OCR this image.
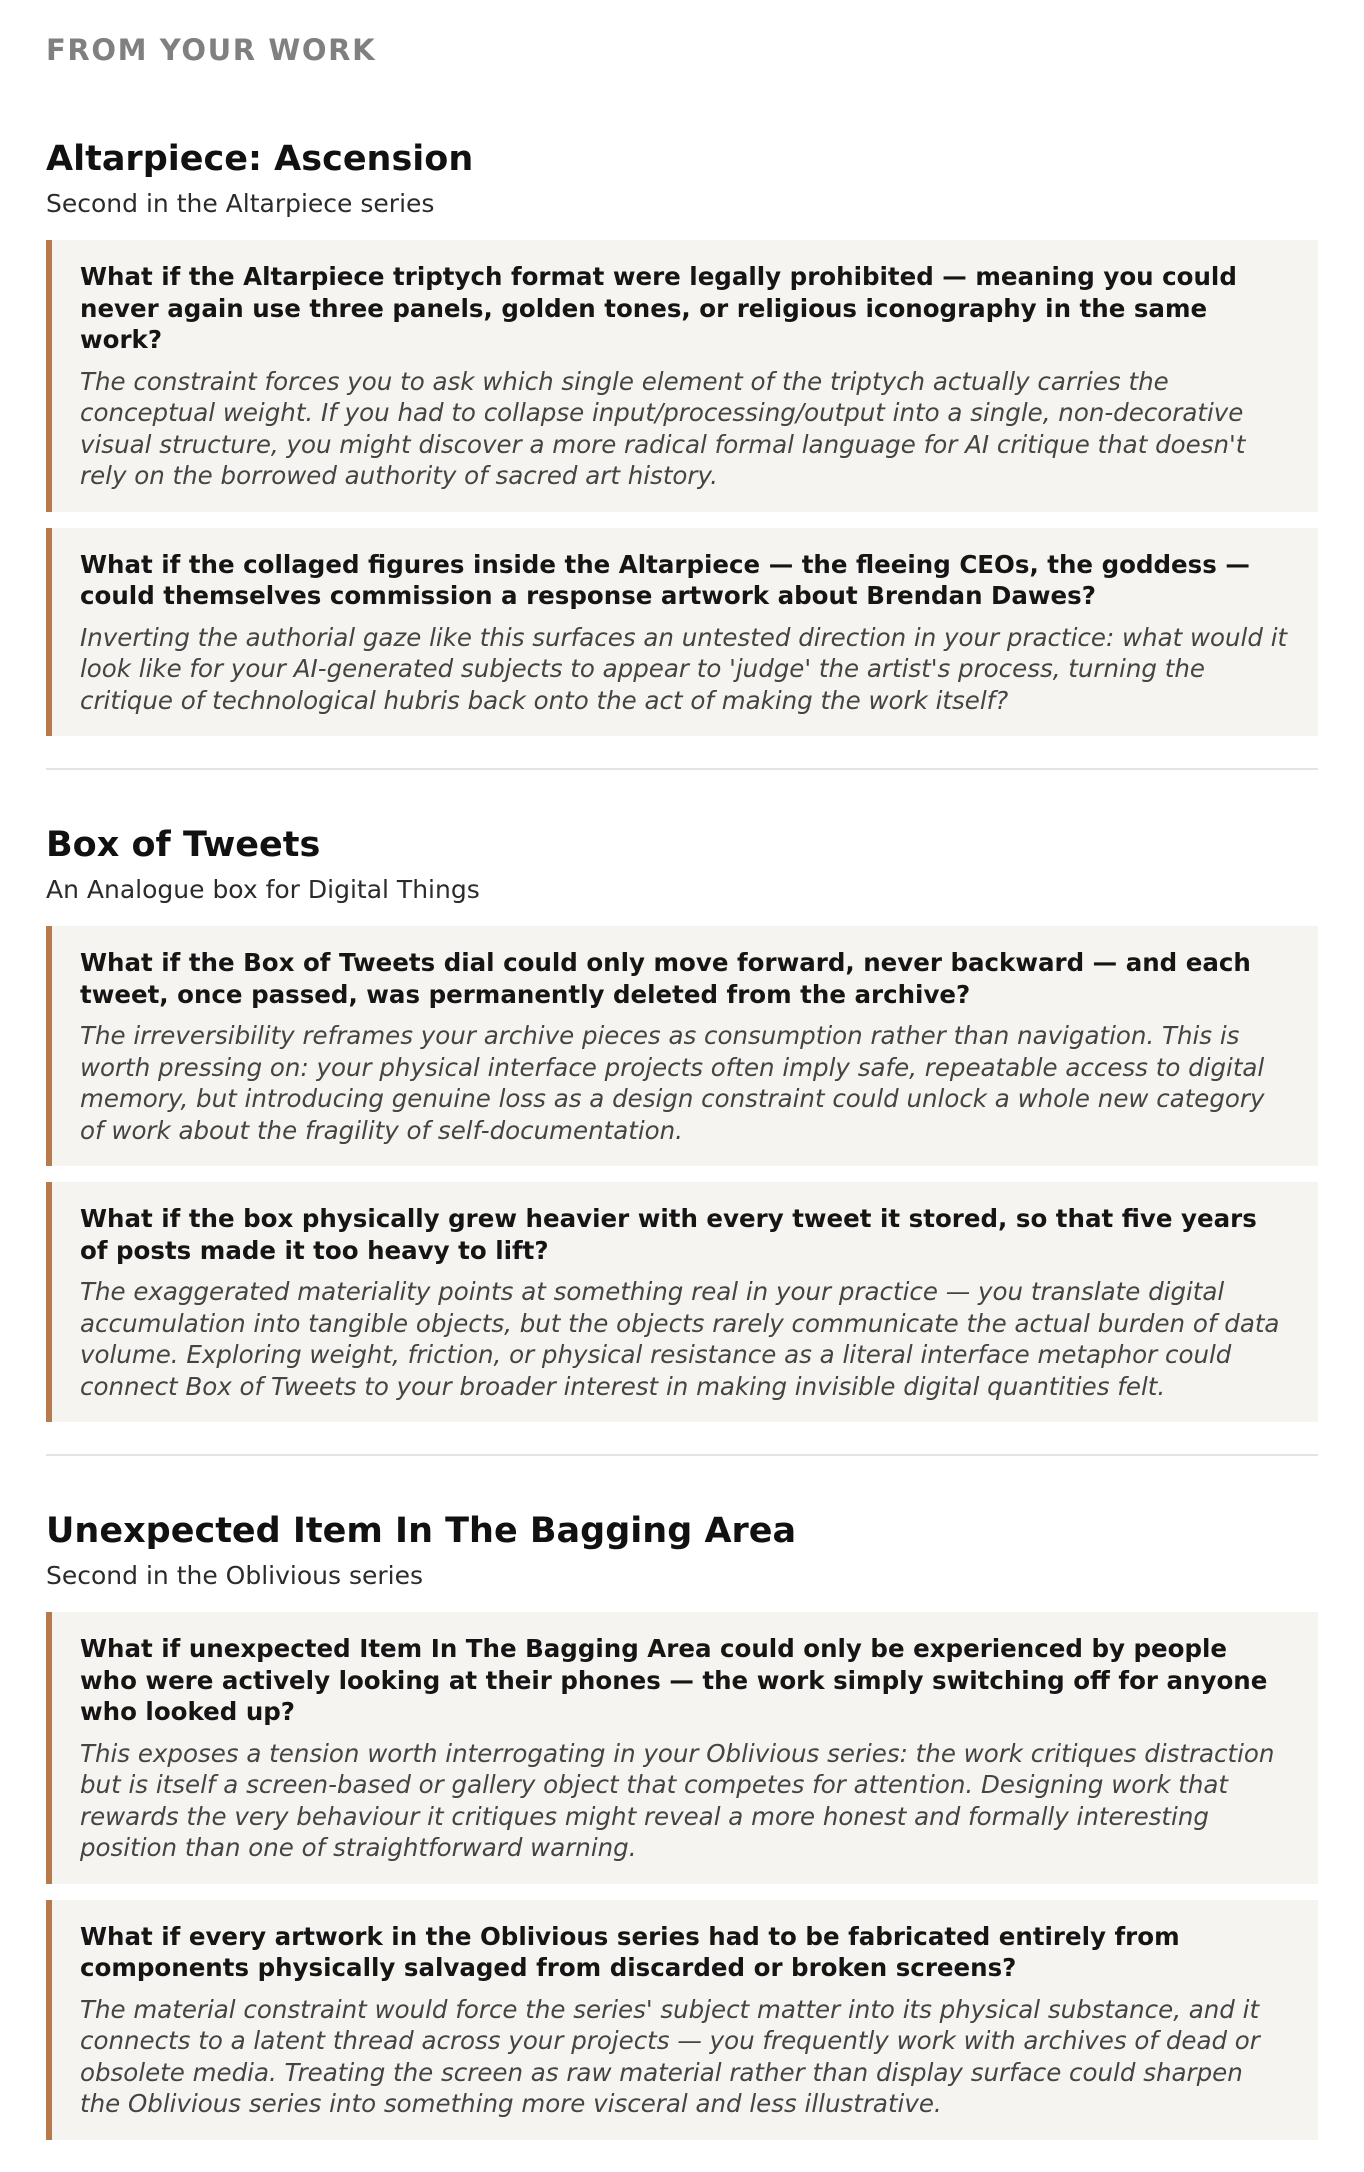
FROM YOUR WORK
Altarpiece: Ascension

Second in the Altarpiece series

What if the Altarpiece triptych format were legally prohibited — meaning you could never again use three panels, golden tones, or religious iconography in the same work?

The constraint forces you to ask which single element of the triptych actually carries the conceptual weight. If you had to collapse input/processing/output into a single, non-decorative visual structure, you might discover a more radical formal language for AI critique that doesn't rely on the borrowed authority of sacred art history.

What if the collaged figures inside the Altarpiece — the fleeing CEOs, the goddess — could themselves commission a response artwork about Brendan Dawes?

Inverting the authorial gaze like this surfaces an untested direction in your practice: what would it look like for your AI-generated subjects to appear to 'judge' the artist's process, turning the critique of technological hubris back onto the act of making the work itself?

Box of Tweets

An Analogue box for Digital Things

What if the Box of Tweets dial could only move forward, never backward — and each tweet, once passed, was permanently deleted from the archive?

The irreversibility reframes your archive pieces as consumption rather than navigation. This is worth pressing on: your physical interface projects often imply safe, repeatable access to digital memory, but introducing genuine loss as a design constraint could unlock a whole new category of work about the fragility of self-documentation.

What if the box physically grew heavier with every tweet it stored, so that five years of posts made it too heavy to lift?

The exaggerated materiality points at something real in your practice — you translate digital accumulation into tangible objects, but the objects rarely communicate the actual burden of data volume. Exploring weight, friction, or physical resistance as a literal interface metaphor could connect Box of Tweets to your broader interest in making invisible digital quantities felt.

Unexpected Item In The Bagging Area

Second in the Oblivious series

What if unexpected Item In The Bagging Area could only be experienced by people who were actively looking at their phones — the work simply switching off for anyone who looked up?

This exposes a tension worth interrogating in your Oblivious series: the work critiques distraction but is itself a screen-based or gallery object that competes for attention. Designing work that rewards the very behaviour it critiques might reveal a more honest and formally interesting position than one of straightforward warning.

What if every artwork in the Oblivious series had to be fabricated entirely from components physically salvaged from discarded or broken screens?

The material constraint would force the series' subject matter into its physical substance, and it connects to a latent thread across your projects — you frequently work with archives of dead or obsolete media. Treating the screen as raw material rather than display surface could sharpen the Oblivious series into something more visceral and less illustrative.
